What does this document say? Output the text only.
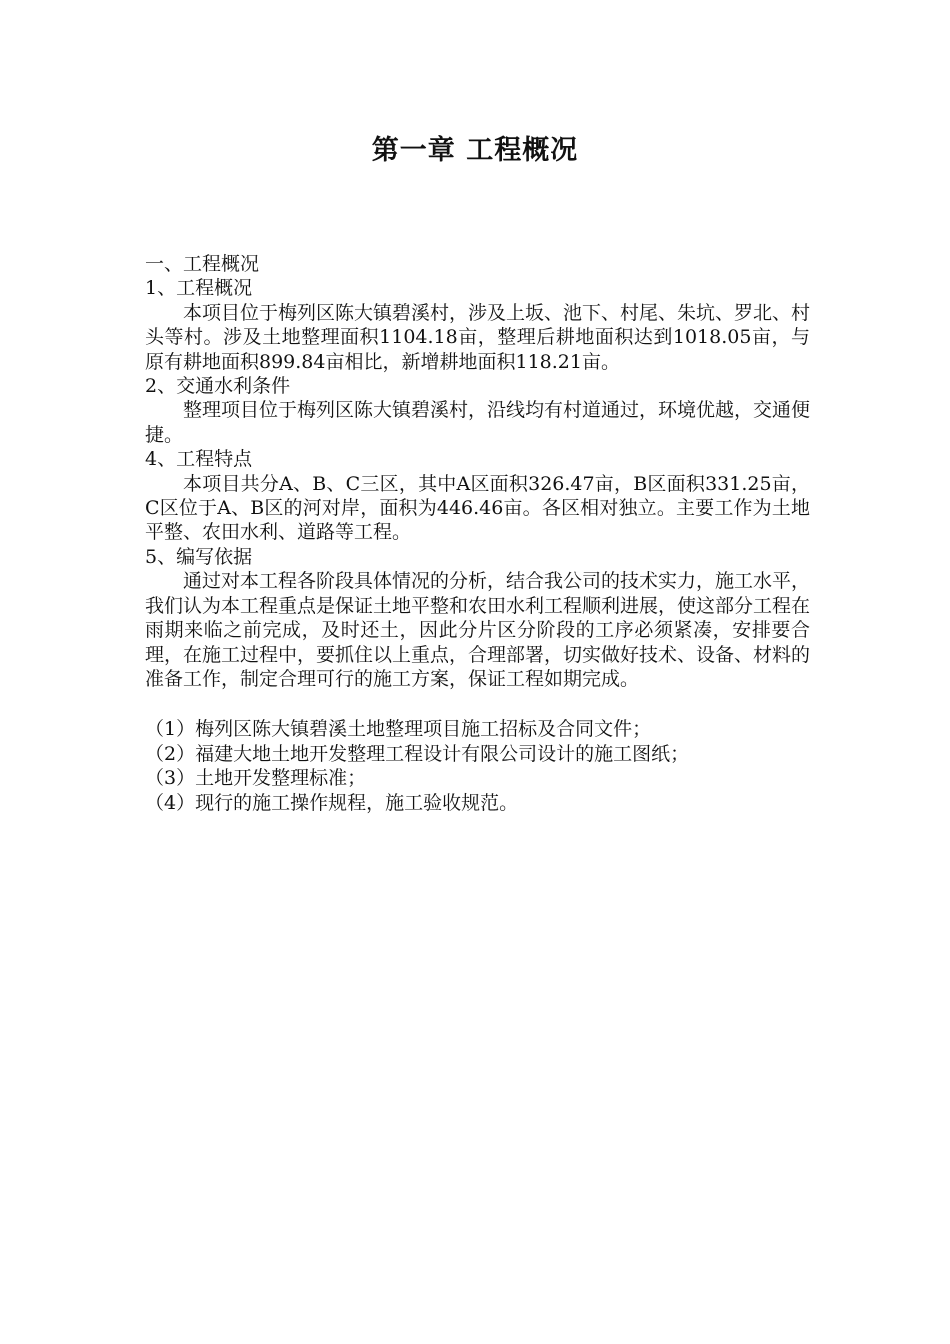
第一章 工程概况

一、工程概况

1、工程概况

本项目位于梅列区陈大镇碧溪村，涉及上坂、池下、村尾、朱坑、罗北、村头等村。涉及土地整理面积1104.18亩，整理后耕地面积达到1018.05亩，与原有耕地面积899.84亩相比，新增耕地面积118.21亩。

2、交通水利条件

整理项目位于梅列区陈大镇碧溪村，沿线均有村道通过，环境优越，交通便捷。

4、工程特点

本项目共分A、B、C三区，其中A区面积326.47亩，B区面积331.25亩，C区位于A、B区的河对岸，面积为446.46亩。各区相对独立。主要工作为土地平整、农田水利、道路等工程。

5、编写依据

通过对本工程各阶段具体情况的分析，结合我公司的技术实力，施工水平，我们认为本工程重点是保证土地平整和农田水利工程顺利进展，使这部分工程在雨期来临之前完成，及时还土，因此分片区分阶段的工序必须紧凑，安排要合理，在施工过程中，要抓住以上重点，合理部署，切实做好技术、设备、材料的准备工作，制定合理可行的施工方案，保证工程如期完成。

（1）梅列区陈大镇碧溪土地整理项目施工招标及合同文件；

（2）福建大地土地开发整理工程设计有限公司设计的施工图纸；

（3）土地开发整理标准；

（4）现行的施工操作规程，施工验收规范。
